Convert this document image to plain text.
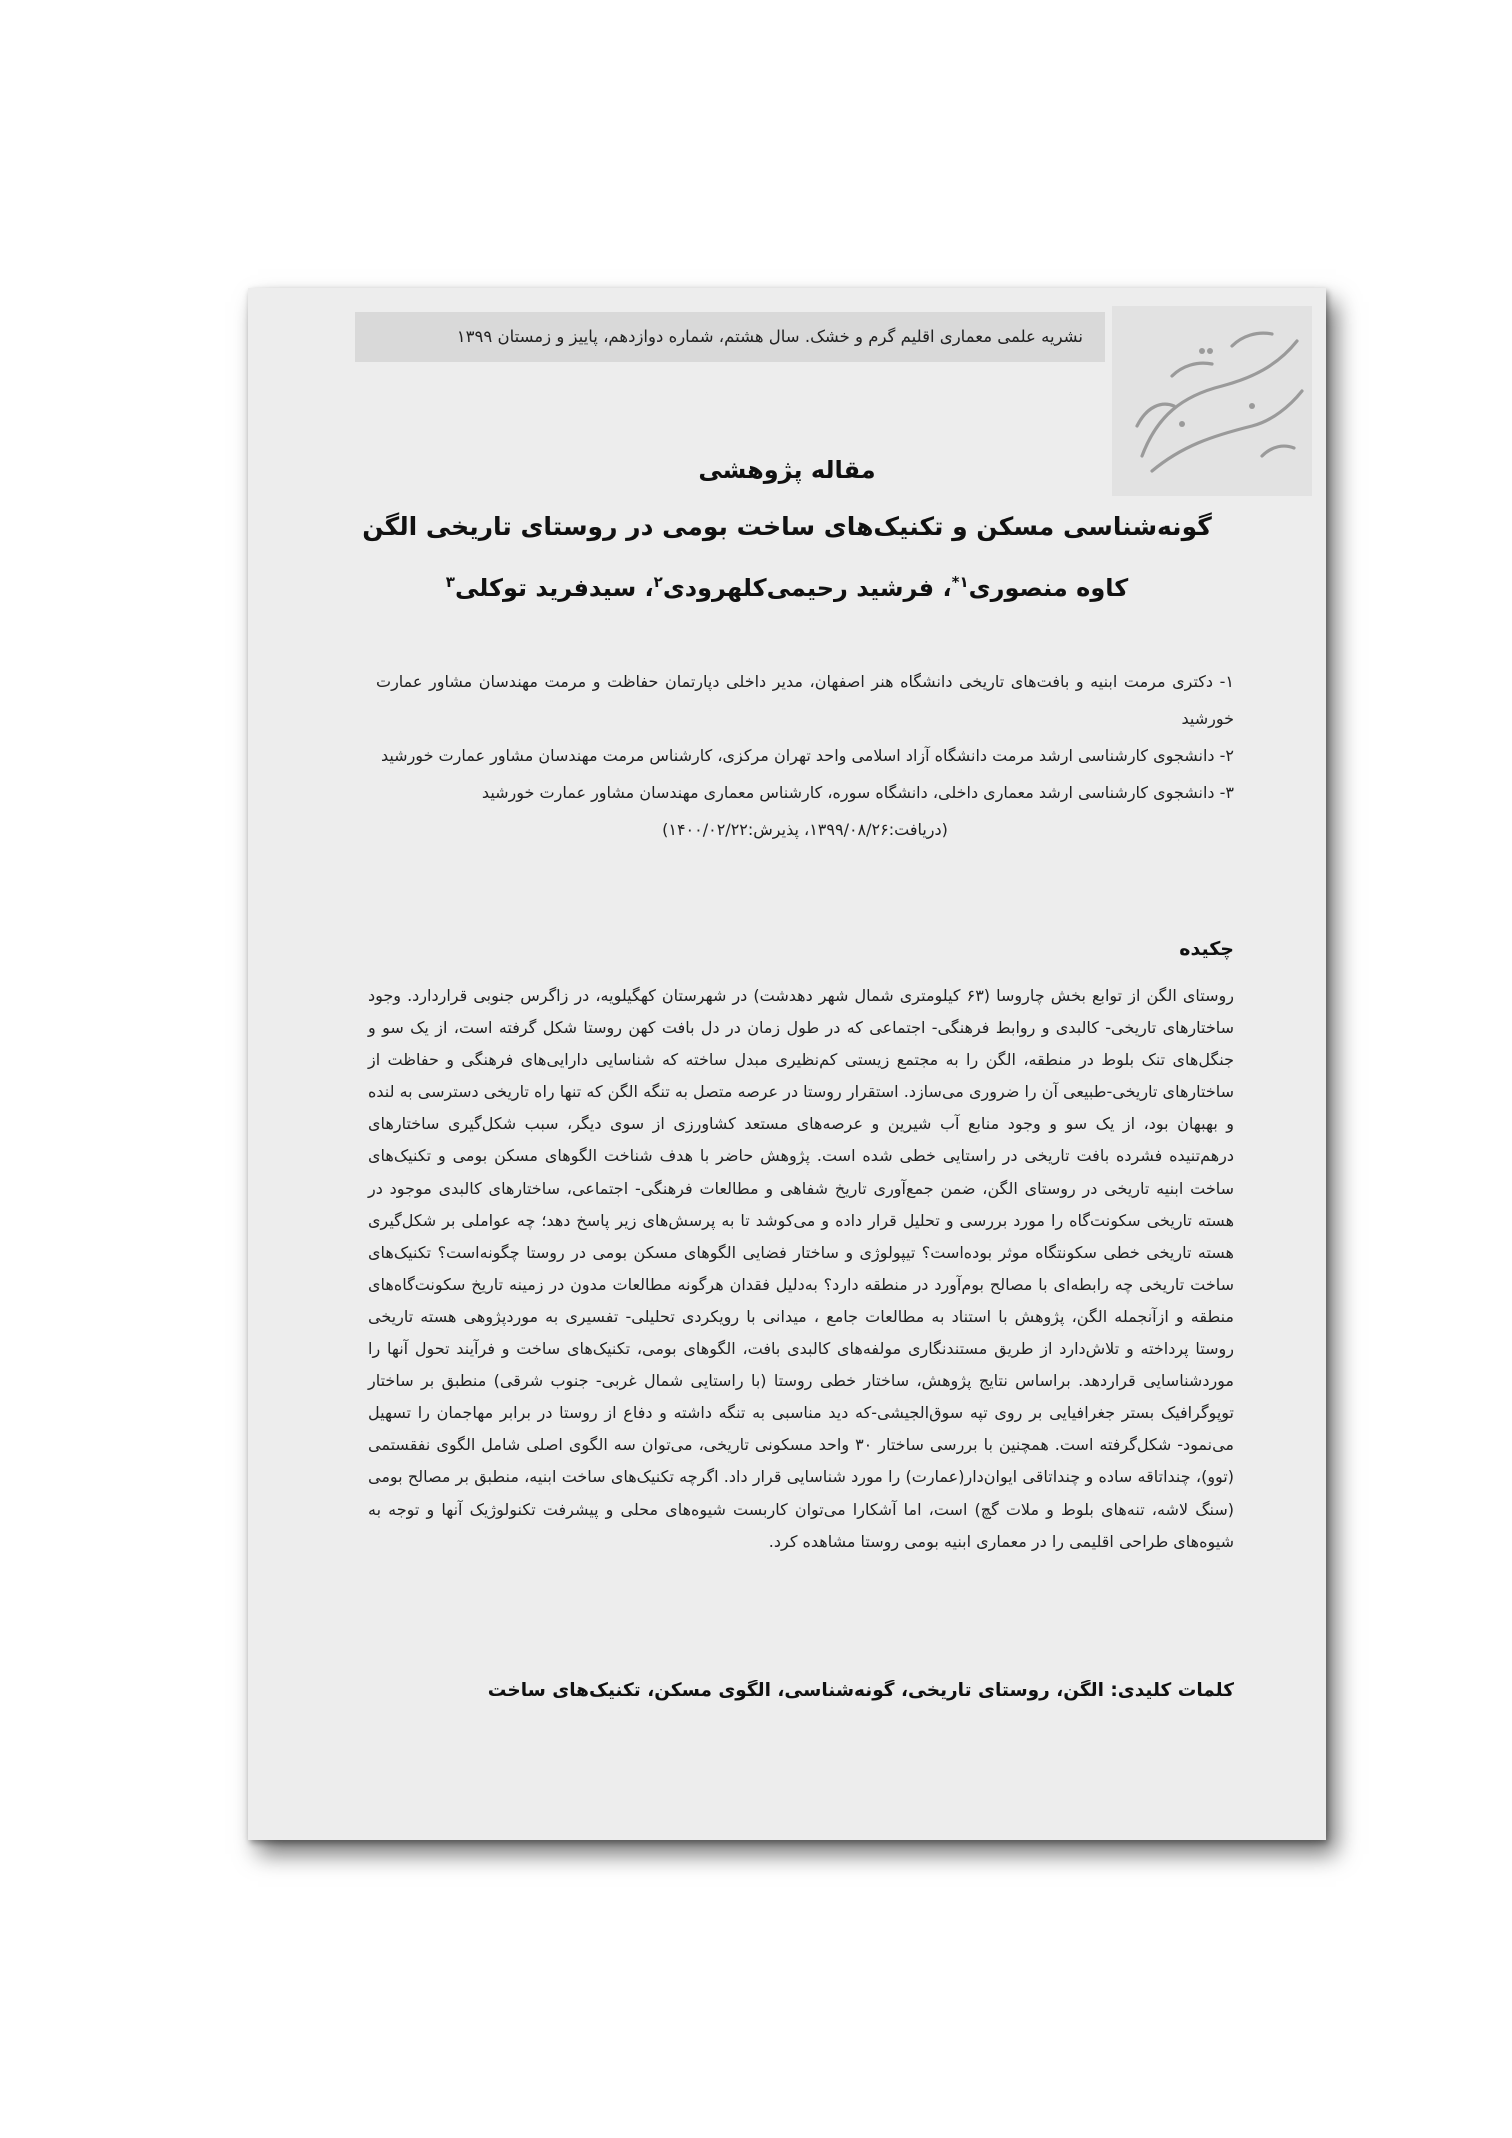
نشریه علمی معماری اقلیم گرم و خشک. سال هشتم، شماره دوازدهم، پاییز و زمستان ۱۳۹۹
مقاله پژوهشی
گونه‌شناسی مسکن و تکنیک‌های ساخت بومی در روستای تاریخی الگن
کاوه منصوری$^{۱*}$، فرشید رحیمی‌کلهرودی$^۲$، سیدفرید توکلی$^۳$

۱- دکتری مرمت ابنیه و بافت‌های تاریخی دانشگاه هنر اصفهان، مدیر داخلی دپارتمان حفاظت و مرمت مهندسان مشاور عمارت خورشید

۲- دانشجوی کارشناسی ارشد مرمت دانشگاه آزاد اسلامی واحد تهران مرکزی، کارشناس مرمت مهندسان مشاور عمارت خورشید

۳- دانشجوی کارشناسی ارشد معماری داخلی، دانشگاه سوره، کارشناس معماری مهندسان مشاور عمارت خورشید

(دریافت:۱۳۹۹/۰۸/۲۶، پذیرش:۱۴۰۰/۰۲/۲۲)

چکیده

روستای الگن از توابع بخش چاروسا (۶۳ کیلومتری شمال شهر دهدشت) در شهرستان کهگیلویه، در زاگرس جنوبی قراردارد. وجود ساختارهای تاریخی- کالبدی و روابط فرهنگی- اجتماعی که در طول زمان در دل بافت کهن روستا شکل گرفته است، از یک سو و جنگل‌های تنک بلوط در منطقه، الگن را به مجتمع زیستی کم‌نظیری مبدل ساخته که شناسایی دارایی‌های فرهنگی و حفاظت از ساختارهای تاریخی-طبیعی آن را ضروری می‌سازد. استقرار روستا در عرصه متصل به تنگه الگن که تنها راه تاریخی دسترسی به لنده و بهبهان بود، از یک سو و وجود منابع آب شیرین و عرصه‌های مستعد کشاورزی از سوی دیگر، سبب شکل‌گیری ساختارهای درهم‌تنیده فشرده بافت تاریخی در راستایی خطی شده است. پژوهش حاضر با هدف شناخت الگوهای مسکن بومی و تکنیک‌های ساخت ابنیه تاریخی در روستای الگن، ضمن جمع‌آوری تاریخ شفاهی و مطالعات فرهنگی- اجتماعی، ساختارهای کالبدی موجود در هسته تاریخی سکونت‌گاه را مورد بررسی و تحلیل قرار داده و می‌کوشد تا به پرسش‌های زیر پاسخ دهد؛ چه عواملی بر شکل‌گیری هسته تاریخی خطی سکونتگاه موثر بوده‌است؟ تیپولوژی و ساختار فضایی الگوهای مسکن بومی در روستا چگونه‌است؟ تکنیک‌های ساخت تاریخی چه رابطه‌ای با مصالح بوم‌آورد در منطقه دارد؟ به‌دلیل فقدان هرگونه مطالعات مدون در زمینه تاریخ سکونت‌گاه‌های منطقه و از‌آنجمله الگن، پژوهش با استناد به مطالعات جامع ، میدانی با رویکردی تحلیلی- تفسیری به موردپژوهی هسته تاریخی روستا پرداخته و تلاش‌دارد از طریق مستندنگاری مولفه‌های کالبدی بافت، الگوهای بومی، تکنیک‌های ساخت و فرآیند تحول آنها را موردشناسایی قراردهد. براساس نتایج پژوهش، ساختار خطی روستا (با راستایی شمال غربی- جنوب شرقی) منطبق بر ساختار توپوگرافیک بستر جغرافیایی بر روی تپه سوق‌الجیشی-که دید مناسبی به تنگه داشته و دفاع از روستا در برابر مهاجمان را تسهیل می‌نمود- شکل‌گرفته است. همچنین با بررسی ساختار ۳۰ واحد مسکونی تاریخی، می‌توان سه الگوی اصلی شامل الگوی نفقستمی (توو)، چنداتاقه ساده و چنداتاقی ایوان‌دار(عمارت) را مورد شناسایی قرار داد. اگرچه تکنیک‌های ساخت ابنیه، منطبق بر مصالح بومی (سنگ لاشه، تنه‌های بلوط و ملات گچ) است، اما آشکارا می‌توان کاربست شیوه‌های محلی و پیشرفت تکنولوژیک آنها و توجه به شیوه‌های طراحی اقلیمی را در معماری ابنیه بومی روستا مشاهده کرد.

کلمات کلیدی: الگن، روستای تاریخی، گونه‌شناسی، الگوی مسکن، تکنیک‌های ساخت
